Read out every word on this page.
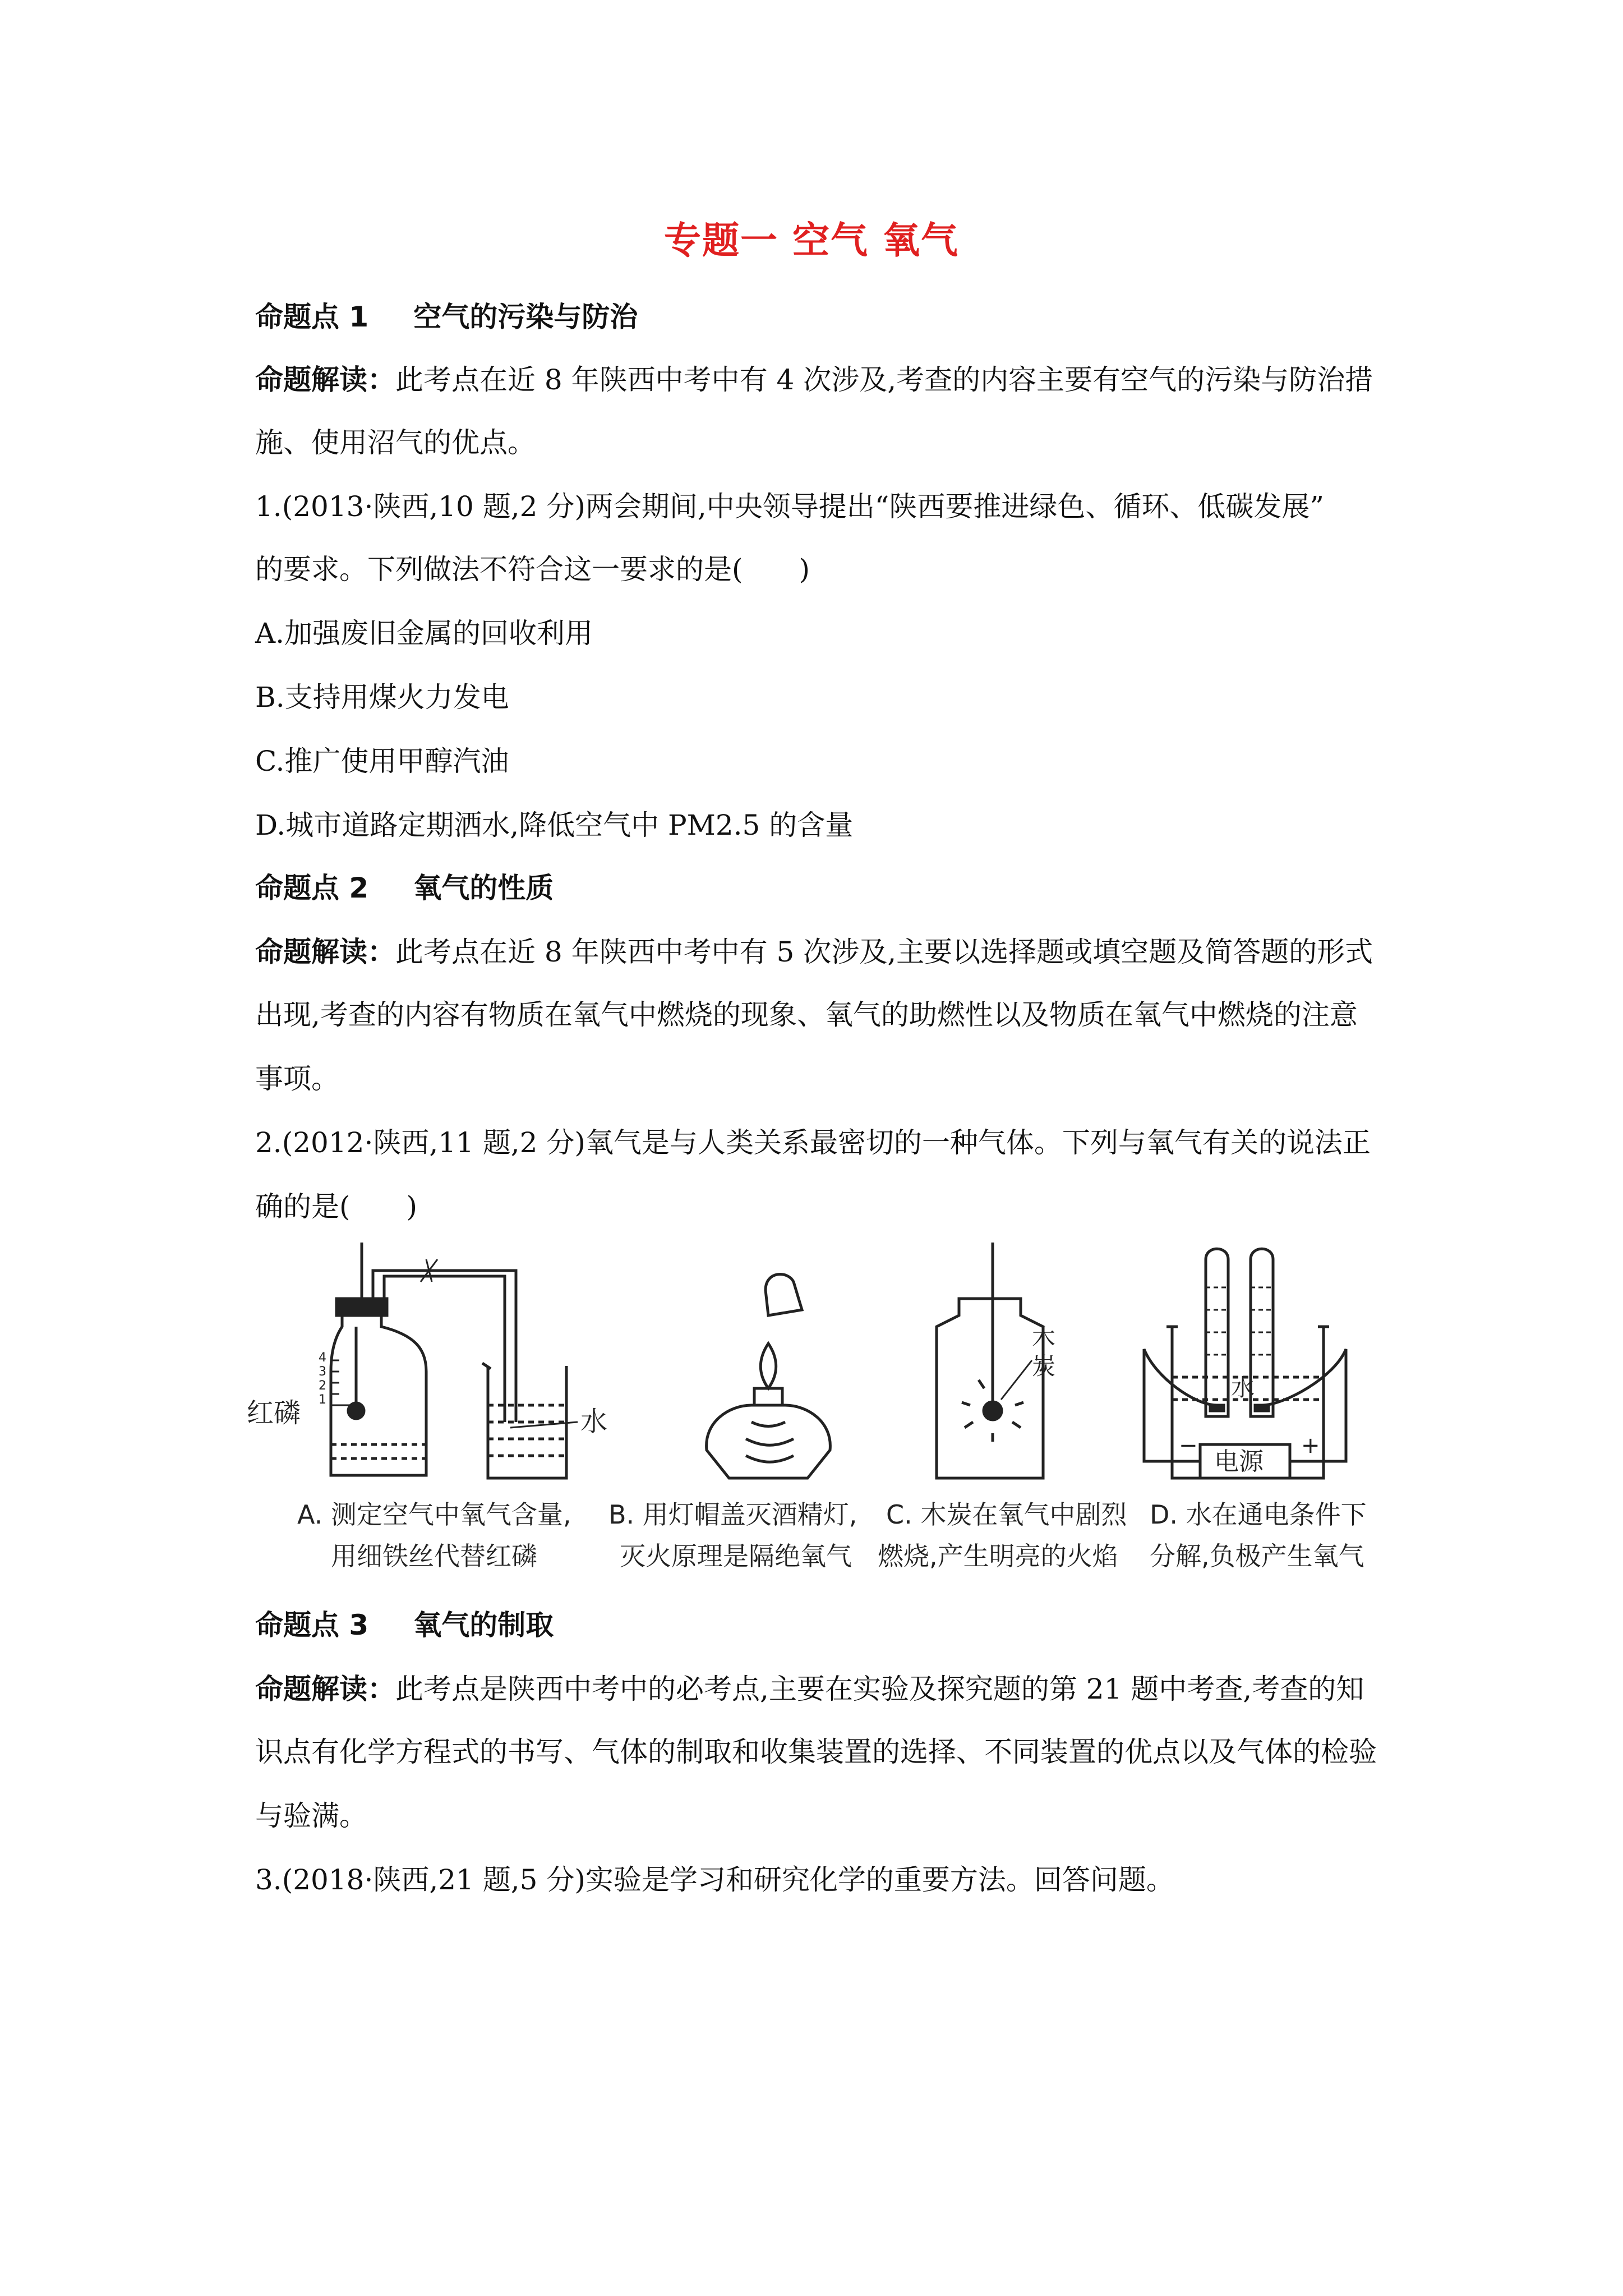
专题一 空气 氧气
命题点 1 空气的污染与防治
命题解读：此考点在近 8 年陕西中考中有 4 次涉及,考查的内容主要有空气的污染与防治措
施、使用沼气的优点。
1.(2013·陕西,10 题,2 分)两会期间,中央领导提出“陕西要推进绿色、循环、低碳发展”
的要求。下列做法不符合这一要求的是(　　)
A.加强废旧金属的回收利用
B.支持用煤火力发电
C.推广使用甲醇汽油
D.城市道路定期洒水,降低空气中 PM2.5 的含量
命题点 2 氧气的性质
命题解读：此考点在近 8 年陕西中考中有 5 次涉及,主要以选择题或填空题及简答题的形式
出现,考查的内容有物质在氧气中燃烧的现象、氧气的助燃性以及物质在氧气中燃烧的注意
事项。
2.(2012·陕西,11 题,2 分)氧气是与人类关系最密切的一种气体。下列与氧气有关的说法正
确的是(　　)
红磷
4
3
2
1
水
木
炭
水
电源
−	+
A. 测定空气中氧气含量,
用细铁丝代替红磷
B. 用灯帽盖灭酒精灯,
灭火原理是隔绝氧气
C. 木炭在氧气中剧烈
燃烧,产生明亮的火焰
D. 水在通电条件下
分解,负极产生氧气
命题点 3 氧气的制取
命题解读：此考点是陕西中考中的必考点,主要在实验及探究题的第 21 题中考查,考查的知
识点有化学方程式的书写、气体的制取和收集装置的选择、不同装置的优点以及气体的检验
与验满。
3.(2018·陕西,21 题,5 分)实验是学习和研究化学的重要方法。回答问题。
